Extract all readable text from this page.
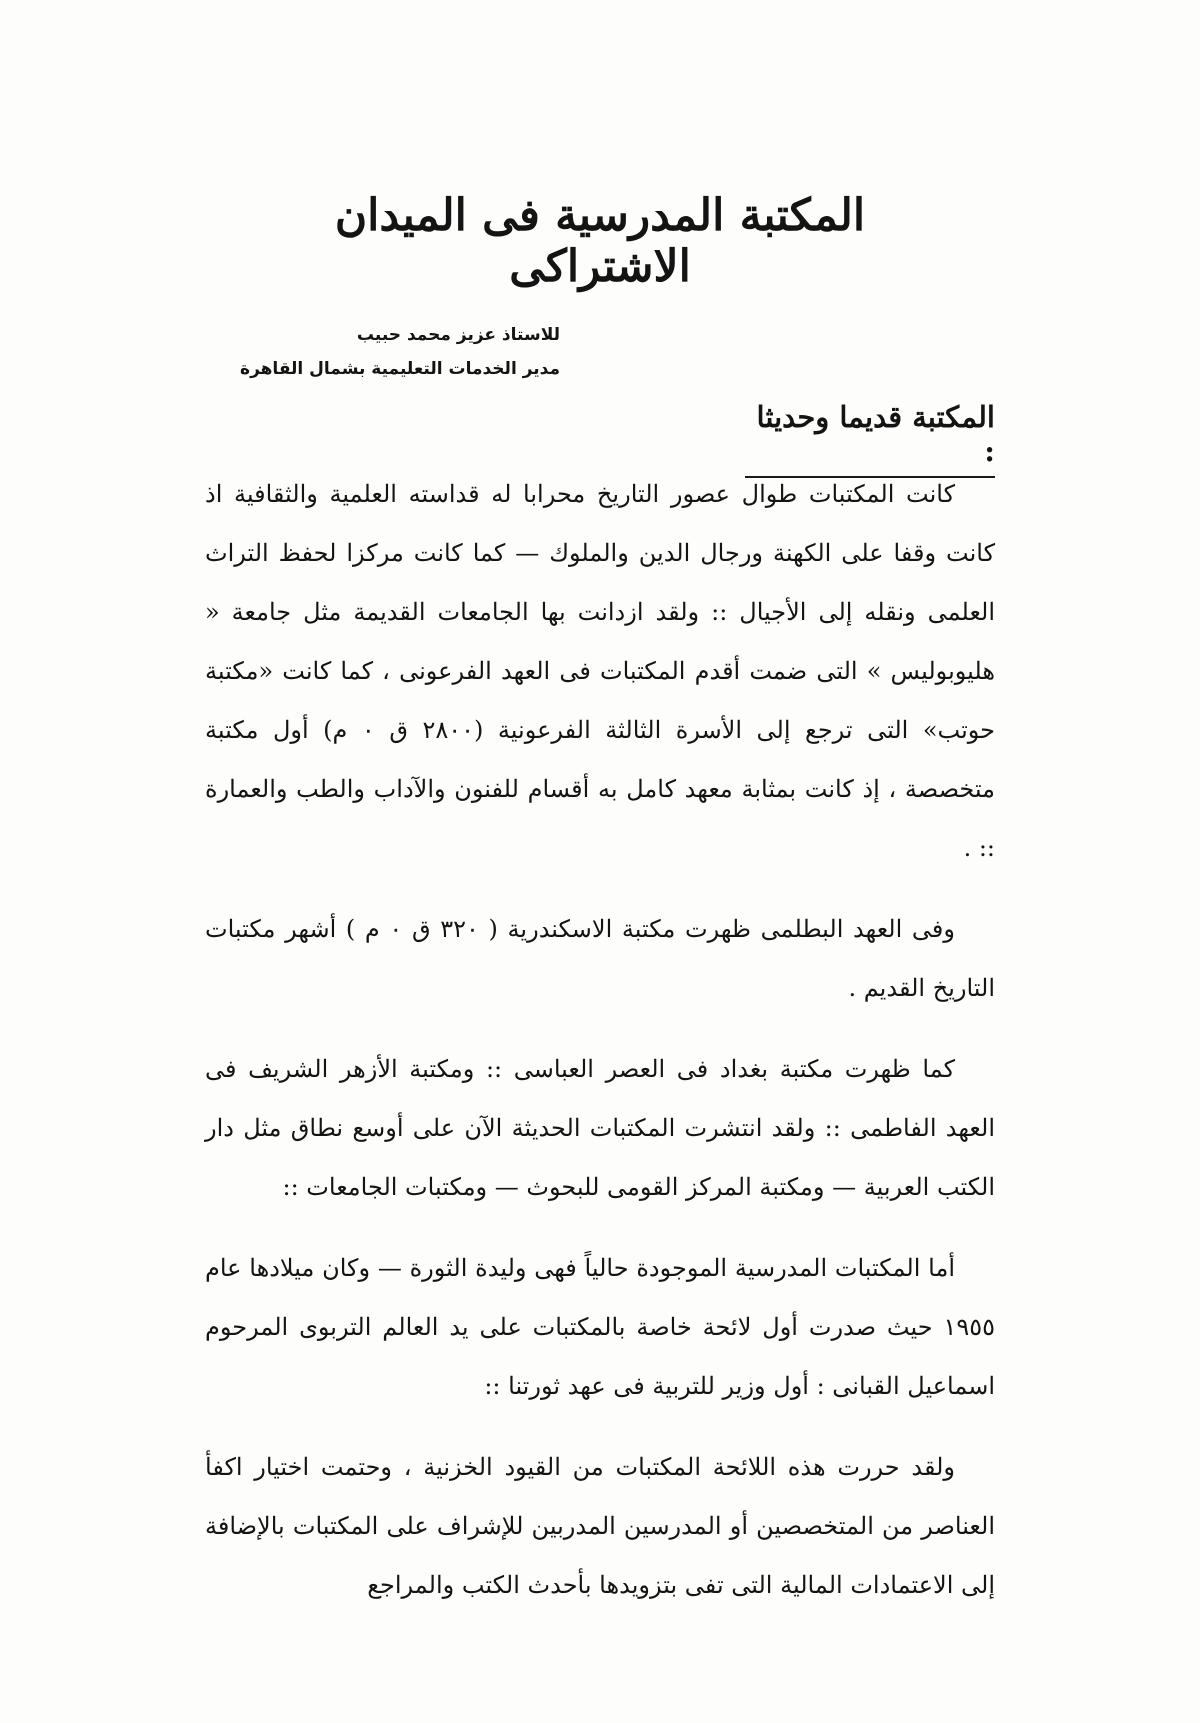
المكتبة المدرسية فى الميدان الاشتراكى
للاستاذ عزيز محمد حبيب
مدير الخدمات التعليمية بشمال القاهرة
المكتبة قديما وحديثا :

كانت المكتبات طوال عصور التاريخ محرابا له قداسته العلمية والثقافية اذ كانت وقفا على الكهنة ورجال الدين والملوك — كما كانت مركزا لحفظ التراث العلمى ونقله إلى الأجيال :: ولقد ازدانت بها الجامعات القديمة مثل جامعة « هليوبوليس » التى ضمت أقدم المكتبات فى العهد الفرعونى ، كما كانت «مكتبة حوتب» التى ترجع إلى الأسرة الثالثة الفرعونية (٢٨٠٠ ق ٠ م) أول مكتبة متخصصة ، إذ كانت بمثابة معهد كامل به أقسام للفنون والآداب والطب والعمارة :: .

وفى العهد البطلمى ظهرت مكتبة الاسكندرية ( ٣٢٠ ق ٠ م ) أشهر مكتبات التاريخ القديم .

كما ظهرت مكتبة بغداد فى العصر العباسى :: ومكتبة الأزهر الشريف فى العهد الفاطمى :: ولقد انتشرت المكتبات الحديثة الآن على أوسع نطاق مثل دار الكتب العربية — ومكتبة المركز القومى للبحوث — ومكتبات الجامعات ::

أما المكتبات المدرسية الموجودة حالياً فهى وليدة الثورة — وكان ميلادها عام ١٩٥٥ حيث صدرت أول لائحة خاصة بالمكتبات على يد العالم التربوى المرحوم اسماعيل القبانى : أول وزير للتربية فى عهد ثورتنا ::

ولقد حررت هذه اللائحة المكتبات من القيود الخزنية ، وحتمت اختيار اكفأ العناصر من المتخصصين أو المدرسين المدربين للإشراف على المكتبات بالإضافة إلى الاعتمادات المالية التى تفى بتزويدها بأحدث الكتب والمراجع
